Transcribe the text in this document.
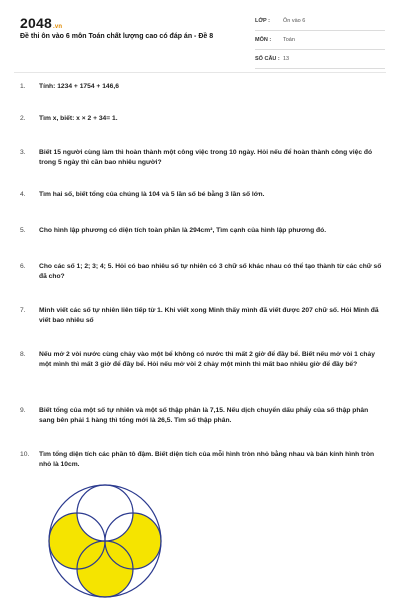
2048.vn
Đề thi ôn vào 6 môn Toán chất lượng cao có đáp án - Đề 8
LỚP :	Ôn vào 6
MÔN :	Toán
SỐ CÂU : 13
1.	Tính: 1234 + 1754 + 146,6
2.	Tìm x, biết: x × 2 + 34= 1.
3.	Biết 15 người cùng làm thì hoàn thành một công việc trong 10 ngày. Hỏi nếu để hoàn thành công việc đó trong 5 ngày thì cần bao nhiêu người?
4.	Tìm hai số, biết tổng của chúng là 104 và 5 lần số bé bằng 3 lần số lớn.
5.	Cho hình lập phương có diện tích toàn phần là 294cm², Tìm cạnh của hình lập phương đó.
6.	Cho các số 1; 2; 3; 4; 5. Hỏi có bao nhiêu số tự nhiên có 3 chữ số khác nhau có thể tạo thành từ các chữ số đã cho?
7.	Minh viết các số tự nhiên liên tiếp từ 1. Khi viết xong Minh thấy mình đã viết được 207 chữ số. Hỏi Minh đã viết bao nhiêu số
8.	Nếu mở 2 vòi nước cùng chảy vào một bể không có nước thì mất 2 giờ để đầy bể. Biết nếu mở vòi 1 chảy một mình thì mất 3 giờ để đầy bể. Hỏi nếu mở vòi 2 chảy một mình thì mất bao nhiêu giờ để đầy bể?
9.	Biết tổng của một số tự nhiên và một số thập phân là 7,15. Nếu dịch chuyển dấu phẩy của số thập phân sang bên phải 1 hàng thì tổng mới là 26,5. Tìm số thập phân.
10.	Tìm tổng diện tích các phần tô đậm. Biết diện tích của mỗi hình tròn nhỏ bằng nhau và bán kính hình tròn nhỏ là 10cm.
